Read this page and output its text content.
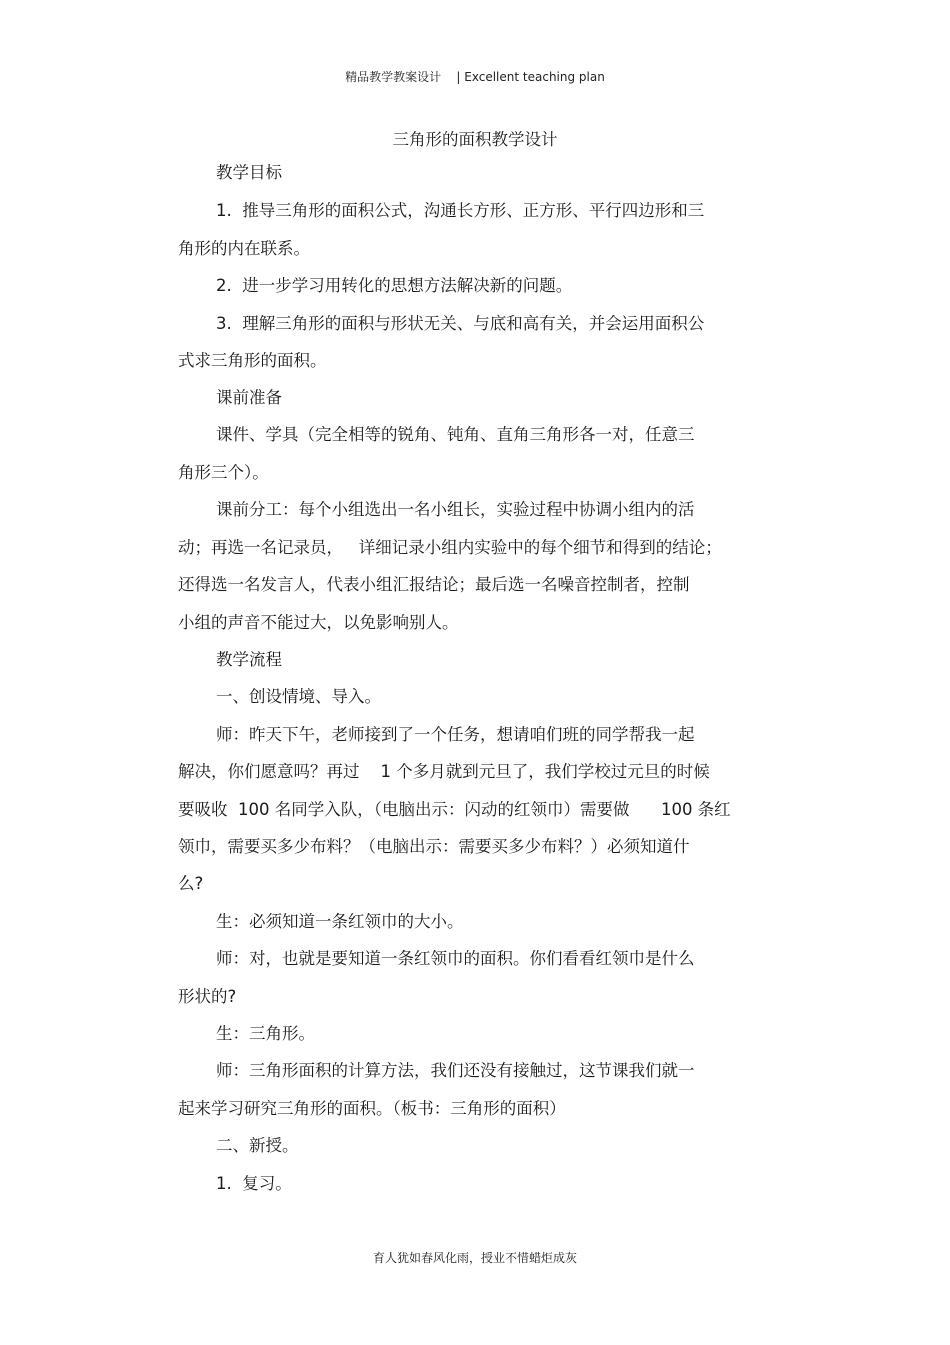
精品教学教案设计    | Excellent teaching plan
三角形的面积教学设计
教学目标
1.  推导三角形的面积公式，沟通长方形、正方形、平行四边形和三
角形的内在联系。
2.  进一步学习用转化的思想方法解决新的问题。
3.  理解三角形的面积与形状无关、与底和高有关，并会运用面积公
式求三角形的面积。
课前准备
课件、学具（完全相等的锐角、钝角、直角三角形各一对，任意三
角形三个）。
课前分工：每个小组选出一名小组长，实验过程中协调小组内的活
动；再选一名记录员，   详细记录小组内实验中的每个细节和得到的结论；
还得选一名发言人，代表小组汇报结论；最后选一名噪音控制者，控制
小组的声音不能过大，以免影响别人。
教学流程
一、创设情境、导入。
师：昨天下午，老师接到了一个任务，想请咱们班的同学帮我一起
解决，你们愿意吗？再过    1 个多月就到元旦了，我们学校过元旦的时候
要吸收  100 名同学入队，（电脑出示：闪动的红领巾）需要做      100 条红
领巾，需要买多少布料？（电脑出示：需要买多少布料？）必须知道什
么?
生：必须知道一条红领巾的大小。
师：对，也就是要知道一条红领巾的面积。你们看看红领巾是什么
形状的?
生：三角形。
师：三角形面积的计算方法，我们还没有接触过，这节课我们就一
起来学习研究三角形的面积。（板书：三角形的面积）
二、新授。
1.  复习。
育人犹如春风化雨，授业不惜蜡炬成灰
